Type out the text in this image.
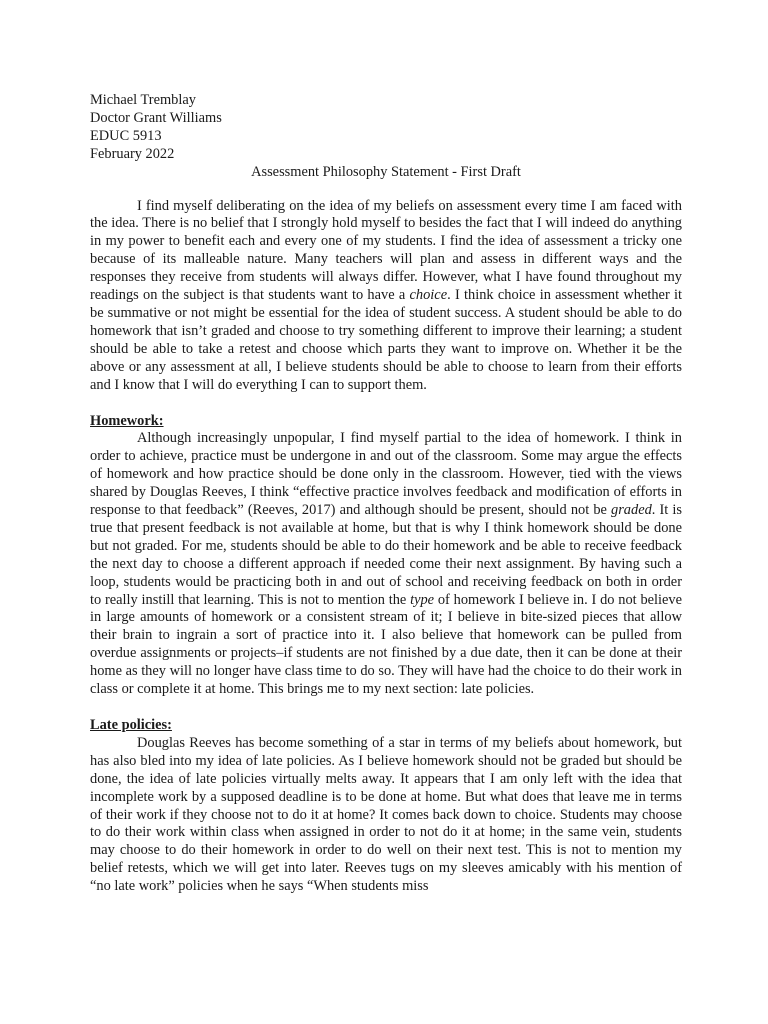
Michael Tremblay

Doctor Grant Williams

EDUC 5913

February 2022

Assessment Philosophy Statement - First Draft

I find myself deliberating on the idea of my beliefs on assessment every time I am faced with the idea. There is no belief that I strongly hold myself to besides the fact that I will indeed do anything in my power to benefit each and every one of my students. I find the idea of assessment a tricky one because of its malleable nature. Many teachers will plan and assess in different ways and the responses they receive from students will always differ. However, what I have found throughout my readings on the subject is that students want to have a choice. I think choice in assessment whether it be summative or not might be essential for the idea of student success. A student should be able to do homework that isn’t graded and choose to try something different to improve their learning; a student should be able to take a retest and choose which parts they want to improve on. Whether it be the above or any assessment at all, I believe students should be able to choose to learn from their efforts and I know that I will do everything I can to support them.

Homework:

Although increasingly unpopular, I find myself partial to the idea of homework. I think in order to achieve, practice must be undergone in and out of the classroom. Some may argue the effects of homework and how practice should be done only in the classroom. However, tied with the views shared by Douglas Reeves, I think “effective practice involves feedback and modification of efforts in response to that feedback” (Reeves, 2017) and although should be present, should not be graded. It is true that present feedback is not available at home, but that is why I think homework should be done but not graded. For me, students should be able to do their homework and be able to receive feedback the next day to choose a different approach if needed come their next assignment. By having such a loop, students would be practicing both in and out of school and receiving feedback on both in order to really instill that learning. This is not to mention the type of homework I believe in. I do not believe in large amounts of homework or a consistent stream of it; I believe in bite-sized pieces that allow their brain to ingrain a sort of practice into it. I also believe that homework can be pulled from overdue assignments or projects–if students are not finished by a due date, then it can be done at their home as they will no longer have class time to do so. They will have had the choice to do their work in class or complete it at home. This brings me to my next section: late policies.

Late policies:

Douglas Reeves has become something of a star in terms of my beliefs about homework, but has also bled into my idea of late policies. As I believe homework should not be graded but should be done, the idea of late policies virtually melts away. It appears that I am only left with the idea that incomplete work by a supposed deadline is to be done at home. But what does that leave me in terms of their work if they choose not to do it at home? It comes back down to choice. Students may choose to do their work within class when assigned in order to not do it at home; in the same vein, students may choose to do their homework in order to do well on their next test. This is not to mention my belief retests, which we will get into later. Reeves tugs on my sleeves amicably with his mention of “no late work” policies when he says “When students miss
